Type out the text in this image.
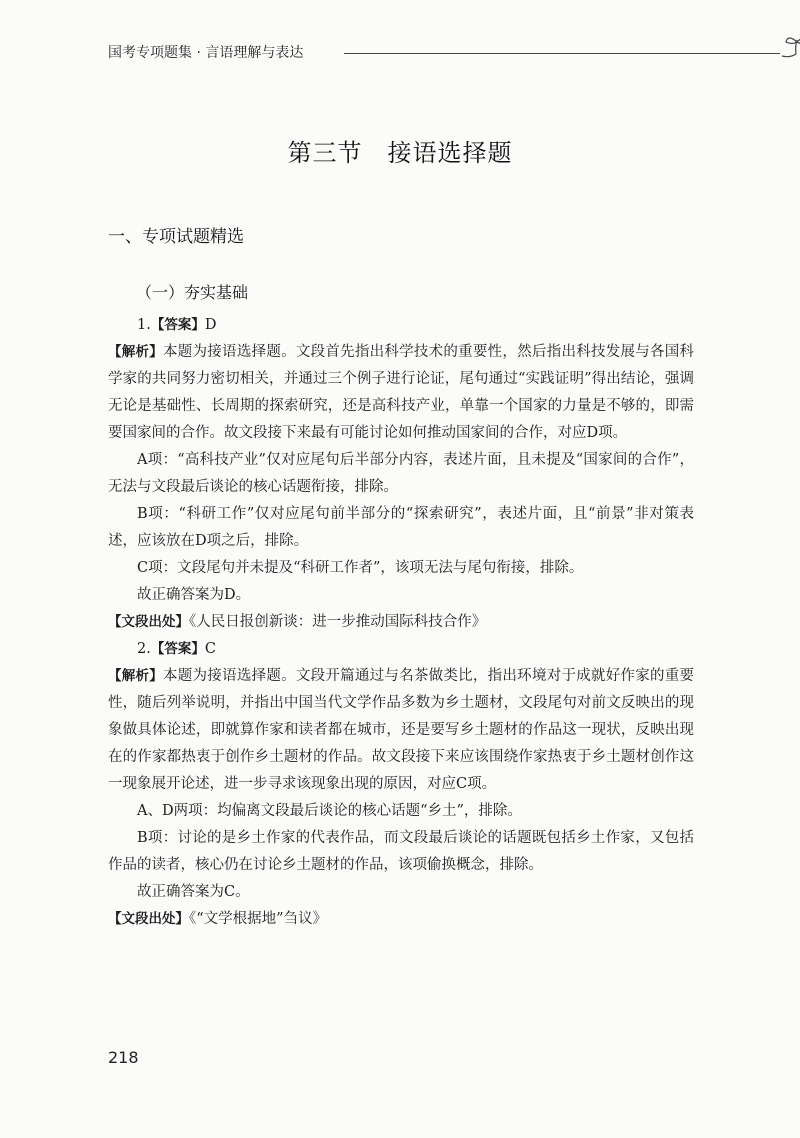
国考专项题集 · 言语理解与表达
第三节　接语选择题
一、专项试题精选
（一）夯实基础

1.【答案】D

【解析】本题为接语选择题。文段首先指出科学技术的重要性，然后指出科技发展与各国科学家的共同努力密切相关，并通过三个例子进行论证，尾句通过“实践证明”得出结论，强调无论是基础性、长周期的探索研究，还是高科技产业，单靠一个国家的力量是不够的，即需要国家间的合作。故文段接下来最有可能讨论如何推动国家间的合作，对应D项。

A项：“高科技产业”仅对应尾句后半部分内容，表述片面，且未提及“国家间的合作”，无法与文段最后谈论的核心话题衔接，排除。

B项：“科研工作”仅对应尾句前半部分的“探索研究”，表述片面，且“前景”非对策表述，应该放在D项之后，排除。

C项：文段尾句并未提及“科研工作者”，该项无法与尾句衔接，排除。

故正确答案为D。

【文段出处】《人民日报创新谈：进一步推动国际科技合作》

2.【答案】C

【解析】本题为接语选择题。文段开篇通过与名茶做类比，指出环境对于成就好作家的重要性，随后列举说明，并指出中国当代文学作品多数为乡土题材，文段尾句对前文反映出的现象做具体论述，即就算作家和读者都在城市，还是要写乡土题材的作品这一现状，反映出现在的作家都热衷于创作乡土题材的作品。故文段接下来应该围绕作家热衷于乡土题材创作这一现象展开论述，进一步寻求该现象出现的原因，对应C项。

A、D两项：均偏离文段最后谈论的核心话题“乡土”，排除。

B项：讨论的是乡土作家的代表作品，而文段最后谈论的话题既包括乡土作家，又包括作品的读者，核心仍在讨论乡土题材的作品，该项偷换概念，排除。

故正确答案为C。

【文段出处】《“文学根据地”刍议》

218
